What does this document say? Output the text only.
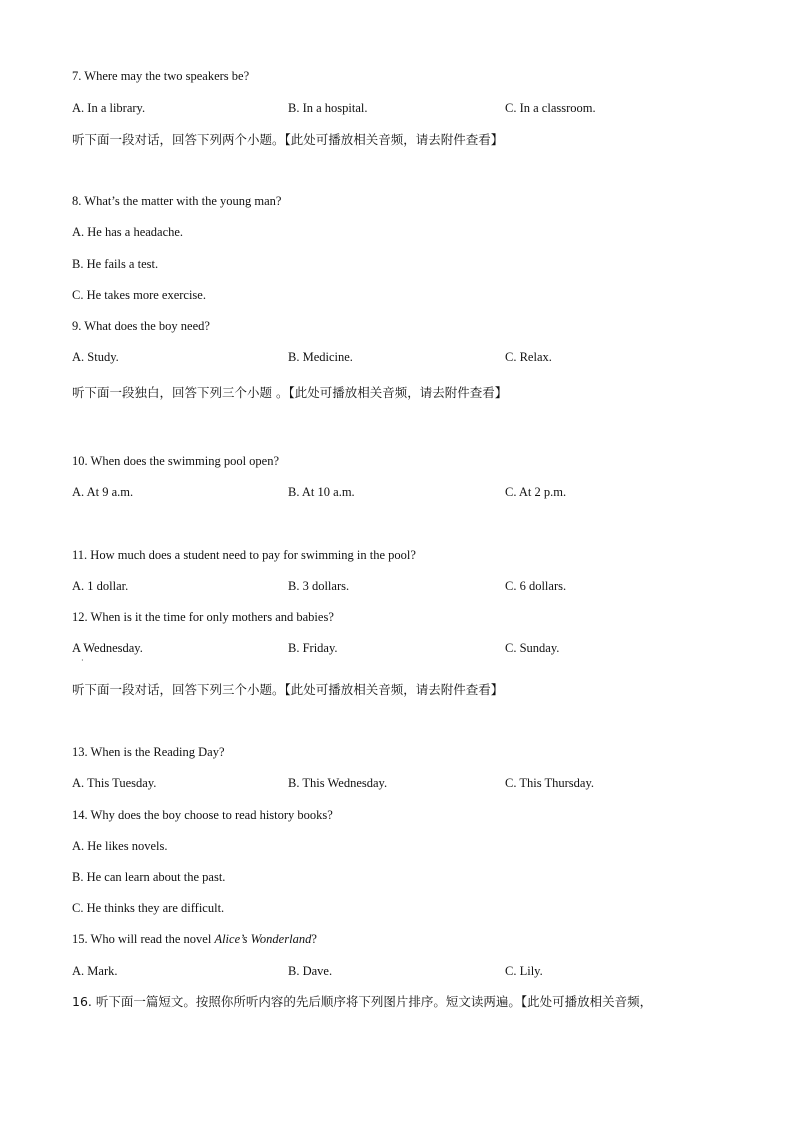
7. Where may the two speakers be?
A. In a library.	B. In a hospital.	C. In a classroom.
听下面一段对话，回答下列两个小题。【此处可播放相关音频，请去附件查看】
8. What’s the matter with the young man?
A. He has a headache.
B. He fails a test.
C. He takes more exercise.
9. What does the boy need?
A. Study.	B. Medicine.	C. Relax.
听下面一段独白，回答下列三个小题 。【此处可播放相关音频，请去附件查看】
10. When does the swimming pool open?
A. At 9 a.m.	B. At 10 a.m.	C. At 2 p.m.
11. How much does a student need to pay for swimming in the pool?
A. 1 dollar.	B. 3 dollars.	C. 6 dollars.
12. When is it the time for only mothers and babies?
A Wednesday.	B. Friday.	C. Sunday.
·
听下面一段对话，回答下列三个小题。【此处可播放相关音频，请去附件查看】
13. When is the Reading Day?
A. This Tuesday.	B. This Wednesday.	C. This Thursday.
14. Why does the boy choose to read history books?
A. He likes novels.
B. He can learn about the past.
C. He thinks they are difficult.
15. Who will read the novel Alice’s Wonderland?
A. Mark.	B. Dave.	C. Lily.
16. 听下面一篇短文。按照你所听内容的先后顺序将下列图片排序。短文读两遍。【此处可播放相关音频，
